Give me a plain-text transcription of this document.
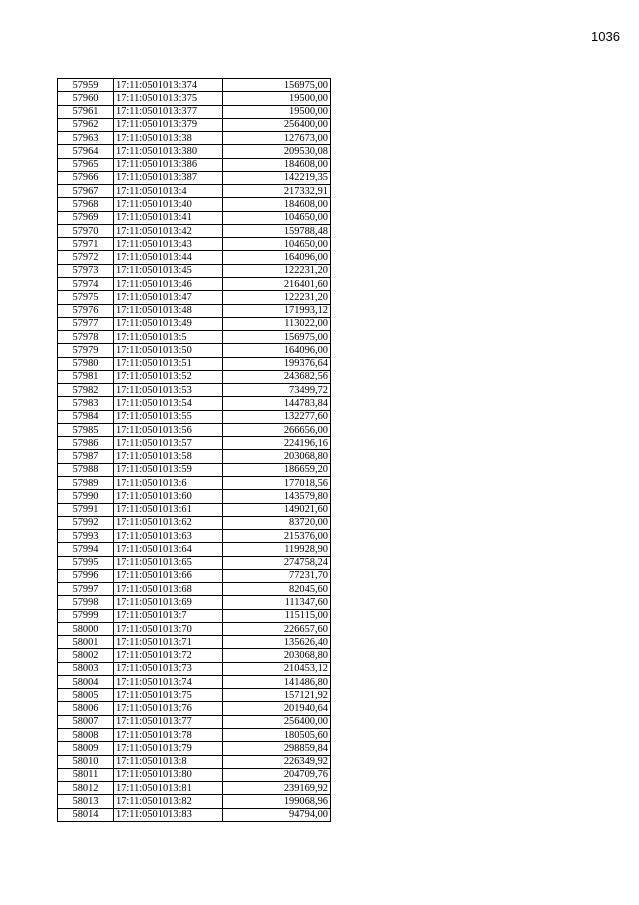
1036
57959	17:11:0501013:374	156975,00
57960	17:11:0501013:375	19500,00
57961	17:11:0501013:377	19500,00
57962	17:11:0501013:379	256400,00
57963	17:11:0501013:38	127673,00
57964	17:11:0501013:380	209530,08
57965	17:11:0501013:386	184608,00
57966	17:11:0501013:387	142219,35
57967	17:11:0501013:4	217332,91
57968	17:11:0501013:40	184608,00
57969	17:11:0501013:41	104650,00
57970	17:11:0501013:42	159788,48
57971	17:11:0501013:43	104650,00
57972	17:11:0501013:44	164096,00
57973	17:11:0501013:45	122231,20
57974	17:11:0501013:46	216401,60
57975	17:11:0501013:47	122231,20
57976	17:11:0501013:48	171993,12
57977	17:11:0501013:49	113022,00
57978	17:11:0501013:5	156975,00
57979	17:11:0501013:50	164096,00
57980	17:11:0501013:51	199376,64
57981	17:11:0501013:52	243682,56
57982	17:11:0501013:53	73499,72
57983	17:11:0501013:54	144783,84
57984	17:11:0501013:55	132277,60
57985	17:11:0501013:56	266656,00
57986	17:11:0501013:57	224196,16
57987	17:11:0501013:58	203068,80
57988	17:11:0501013:59	186659,20
57989	17:11:0501013:6	177018,56
57990	17:11:0501013:60	143579,80
57991	17:11:0501013:61	149021,60
57992	17:11:0501013:62	83720,00
57993	17:11:0501013:63	215376,00
57994	17:11:0501013:64	119928,90
57995	17:11:0501013:65	274758,24
57996	17:11:0501013:66	77231,70
57997	17:11:0501013:68	82045,60
57998	17:11:0501013:69	111347,60
57999	17:11:0501013:7	115115,00
58000	17:11:0501013:70	226657,60
58001	17:11:0501013:71	135626,40
58002	17:11:0501013:72	203068,80
58003	17:11:0501013:73	210453,12
58004	17:11:0501013:74	141486,80
58005	17:11:0501013:75	157121,92
58006	17:11:0501013:76	201940,64
58007	17:11:0501013:77	256400,00
58008	17:11:0501013:78	180505,60
58009	17:11:0501013:79	298859,84
58010	17:11:0501013:8	226349,92
58011	17:11:0501013:80	204709,76
58012	17:11:0501013:81	239169,92
58013	17:11:0501013:82	199068,96
58014	17:11:0501013:83	94794,00
